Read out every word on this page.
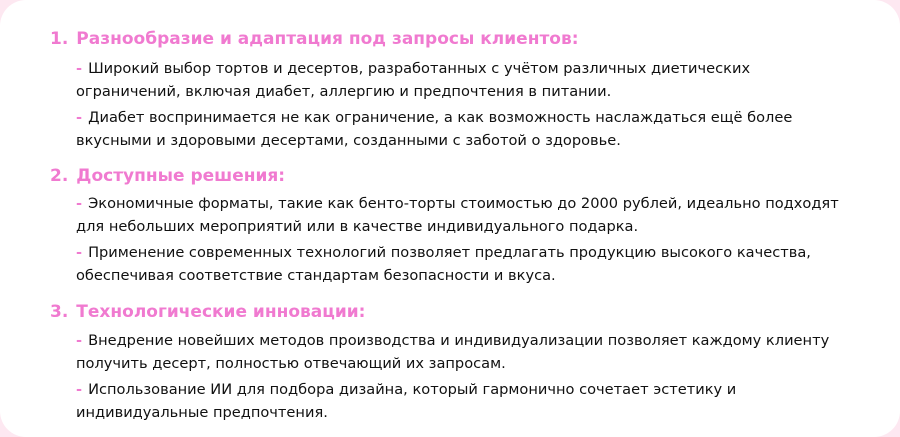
1. Разнообразие и адаптация под запросы клиентов:

- Широкий выбор тортов и десертов, разработанных с учётом различных диетических ограничений, включая диабет, аллергию и предпочтения в питании.

- Диабет воспринимается не как ограничение, а как возможность наслаждаться ещё более вкусными и здоровыми десертами, созданными с заботой о здоровье.

2. Доступные решения:

- Экономичные форматы, такие как бенто-торты стоимостью до 2000 рублей, идеально подходят для небольших мероприятий или в качестве индивидуального подарка.

- Применение современных технологий позволяет предлагать продукцию высокого качества, обеспечивая соответствие стандартам безопасности и вкуса.

3. Технологические инновации:

- Внедрение новейших методов производства и индивидуализации позволяет каждому клиенту получить десерт, полностью отвечающий их запросам.

- Использование ИИ для подбора дизайна, который гармонично сочетает эстетику и индивидуальные предпочтения.
